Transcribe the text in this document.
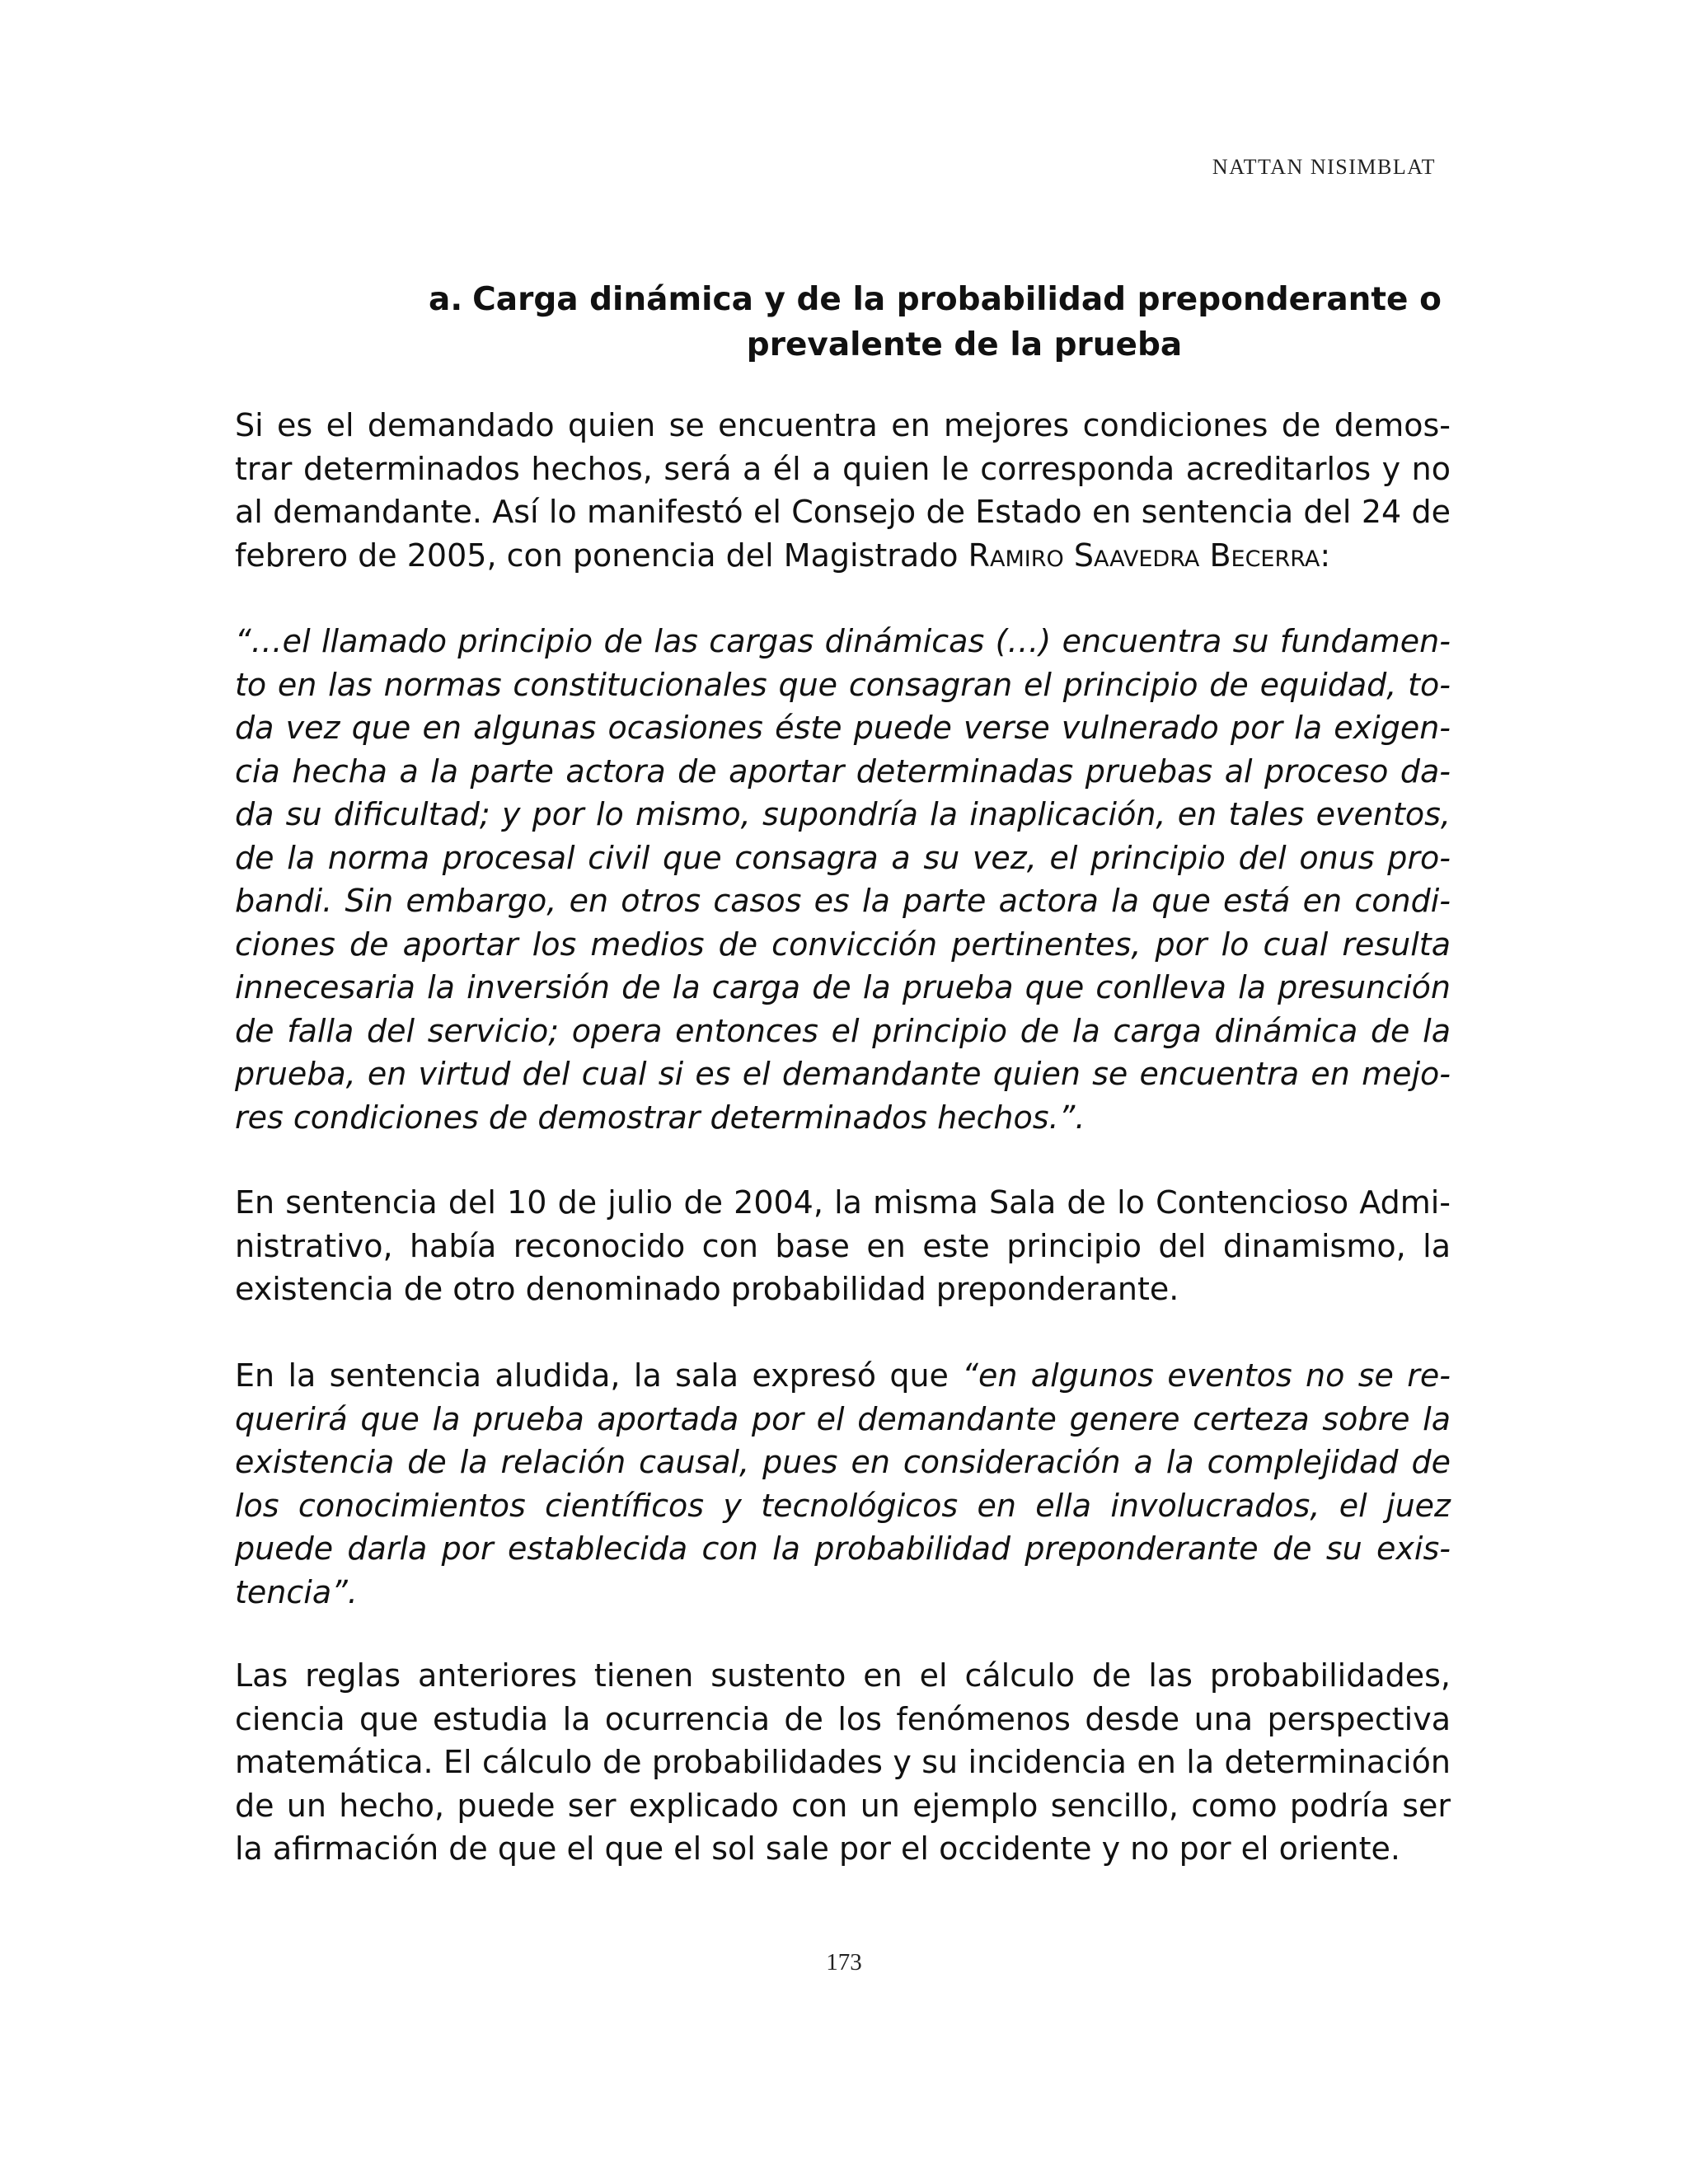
NATTAN NISIMBLAT
a. Carga dinámica y de la probabilidad preponderante o
prevalente de la prueba

Si es el demandado quien se encuentra en mejores condiciones de demostrar determinados hechos, será a él a quien le corresponda acreditarlos y no al demandante. Así lo manifestó el Consejo de Estado en sentencia del 24 de febrero de 2005, con ponencia del Magistrado Ramiro Saavedra Becerra:

“…el llamado principio de las cargas dinámicas (…) encuentra su fundamento en las normas constitucionales que consagran el principio de equidad, toda vez que en algunas ocasiones éste puede verse vulnerado por la exigencia hecha a la parte actora de aportar determinadas pruebas al proceso dada su dificultad; y por lo mismo, supondría la inaplicación, en tales eventos, de la norma procesal civil que consagra a su vez, el principio del onus probandi. Sin embargo, en otros casos es la parte actora la que está en condiciones de aportar los medios de convicción pertinentes, por lo cual resulta innecesaria la inversión de la carga de la prueba que conlleva la presunción de falla del servicio; opera entonces el principio de la carga dinámica de la prueba, en virtud del cual si es el demandante quien se encuentra en mejores condiciones de demostrar determinados hechos.”.

En sentencia del 10 de julio de 2004, la misma Sala de lo Contencioso Administrativo, había reconocido con base en este principio del dinamismo, la existencia de otro denominado probabilidad preponderante.

En la sentencia aludida, la sala expresó que “en algunos eventos no se requerirá que la prueba aportada por el demandante genere certeza sobre la existencia de la relación causal, pues en consideración a la complejidad de los conocimientos científicos y tecnológicos en ella involucrados, el juez puede darla por establecida con la probabilidad preponderante de su existencia”.

Las reglas anteriores tienen sustento en el cálculo de las probabilidades, ciencia que estudia la ocurrencia de los fenómenos desde una perspectiva matemática. El cálculo de probabilidades y su incidencia en la determinación de un hecho, puede ser explicado con un ejemplo sencillo, como podría ser la afirmación de que el que el sol sale por el occidente y no por el oriente.

173
